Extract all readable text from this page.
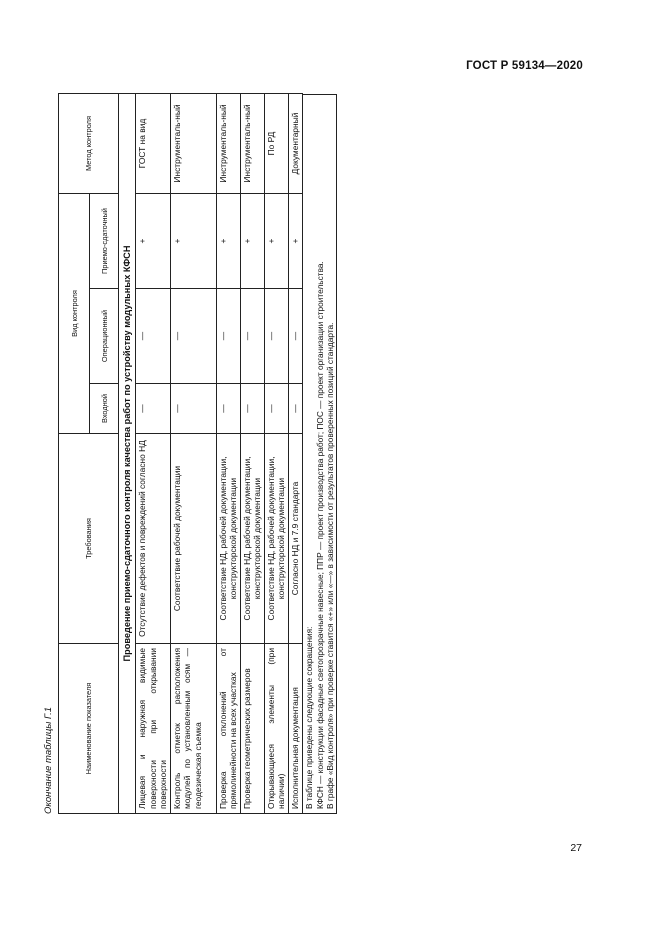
ГОСТ Р 59134—2020
Окончание таблицы Г.1	Наименование показателя	Требования	Вид контроля			Метод контроля
		Входной	Операционный	Приемо-сдаточный	
Проведение приемо-сдаточного контроля качества работ по устройству модульных КФСН					
Лицевая и наружная видимые поверхности при открывании поверхности	Отсутствие дефектов и повреждений согласно НД	—	—	+	ГОСТ на вид
Контроль отметок расположения модулей по установленным осям — геодезическая съемка	Соответствие рабочей документации	—	—	+	Инструменталь-ный
Проверка отклонений от прямолинейности на всех участках	Соответствие НД, рабочей документации, конструкторской документации	—	—	+	Инструменталь-ный
Проверка геометрических размеров	Соответствие НД, рабочей документации, конструкторской документации	—	—	+	Инструменталь-ный
Открывающиеся элементы (при наличии)	Соответствие НД, рабочей документации, конструкторской документации	—	—	+	По РД
Исполнительная документация	Согласно НД и 7.9 стандарта	—	—	+	Документарный
В таблице приведены следующие сокращения: КФСН — конструкции фасадные светопрозрачные навесные; ППР — проект производства работ; ПОС — проект организации строительства. В графе «Вид контроля» при проверке ставится «+» или «—» в зависимости от результатов проверенных позиций стандарта.
27
